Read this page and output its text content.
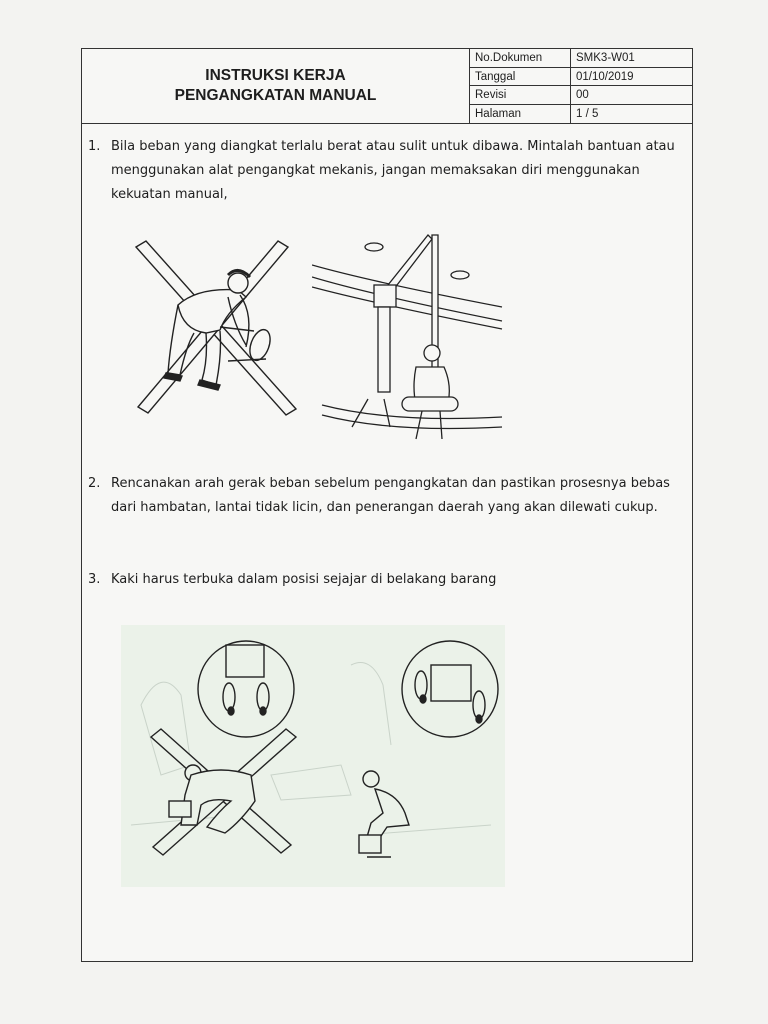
INSTRUKSI KERJA
PENGANGKATAN MANUAL
No.Dokumen	SMK3-W01
Tanggal	01/10/2019
Revisi	00
Halaman	1 / 5
1. Bila beban yang diangkat terlalu berat atau sulit untuk dibawa. Mintalah bantuan atau menggunakan alat pengangkat mekanis, jangan memaksakan diri menggunakan kekuatan manual,
2. Rencanakan arah gerak beban sebelum pengangkatan dan pastikan prosesnya bebas dari hambatan, lantai tidak licin, dan penerangan daerah yang akan dilewati cukup.
3. Kaki harus terbuka dalam posisi sejajar di belakang barang
